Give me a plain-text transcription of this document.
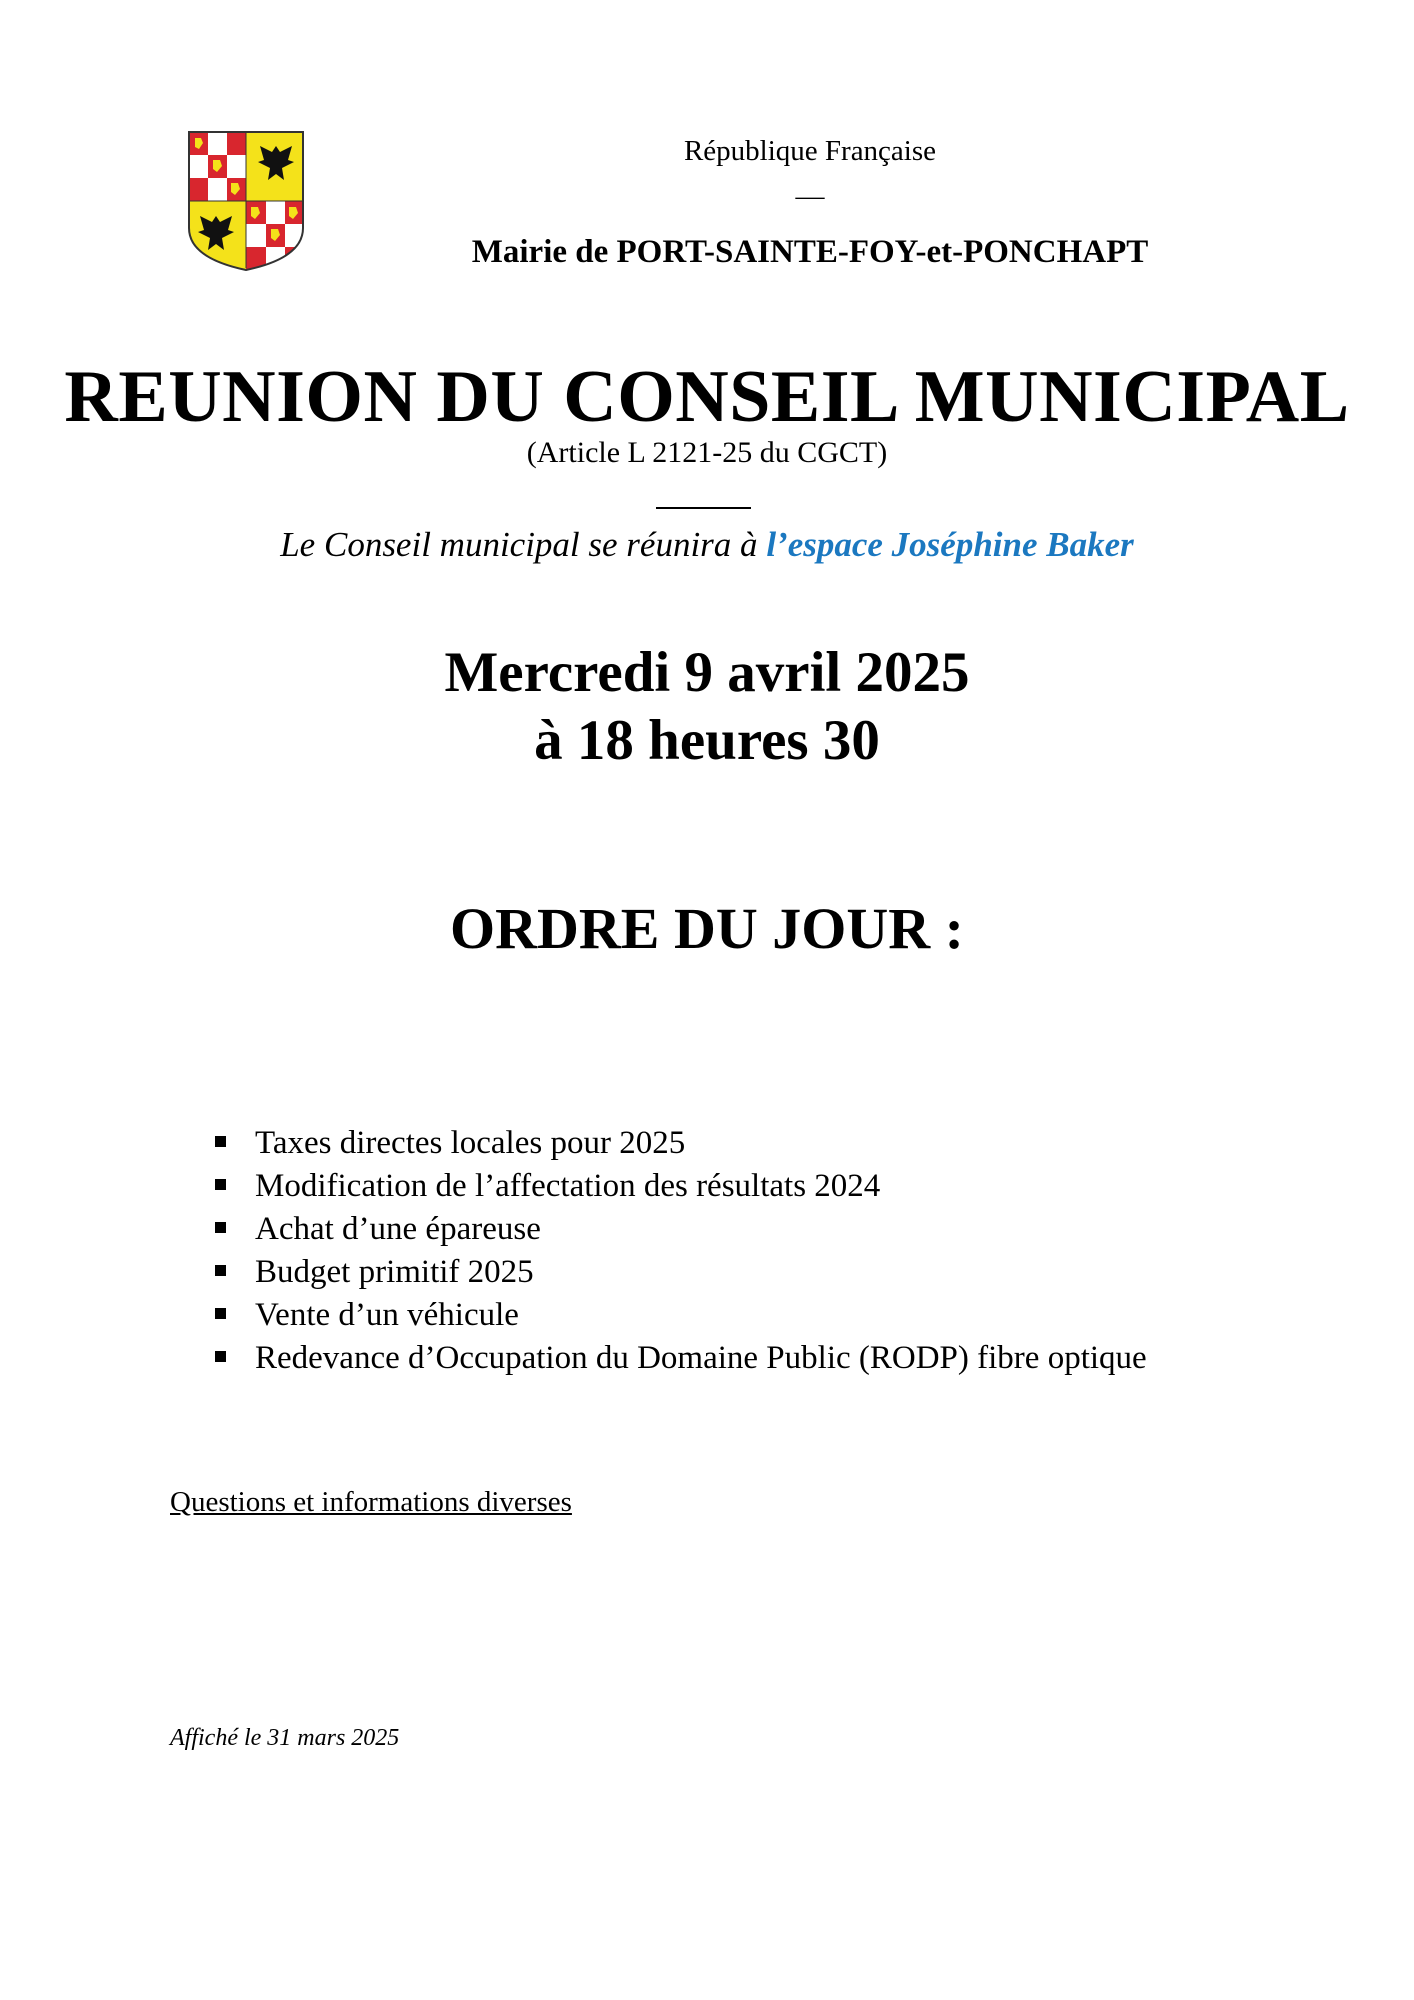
République Française
—
Mairie de PORT-SAINTE-FOY-et-PONCHAPT
REUNION DU CONSEIL MUNICIPAL
(Article L 2121-25 du CGCT)
Le Conseil municipal se réunira à l’espace Joséphine Baker
Mercredi 9 avril 2025
à 18 heures 30
ORDRE DU JOUR :
Taxes directes locales pour 2025
Modification de l’affectation des résultats 2024
Achat d’une épareuse
Budget primitif 2025
Vente d’un véhicule
Redevance d’Occupation du Domaine Public (RODP) fibre optique
Questions et informations diverses
Affiché le 31 mars 2025
